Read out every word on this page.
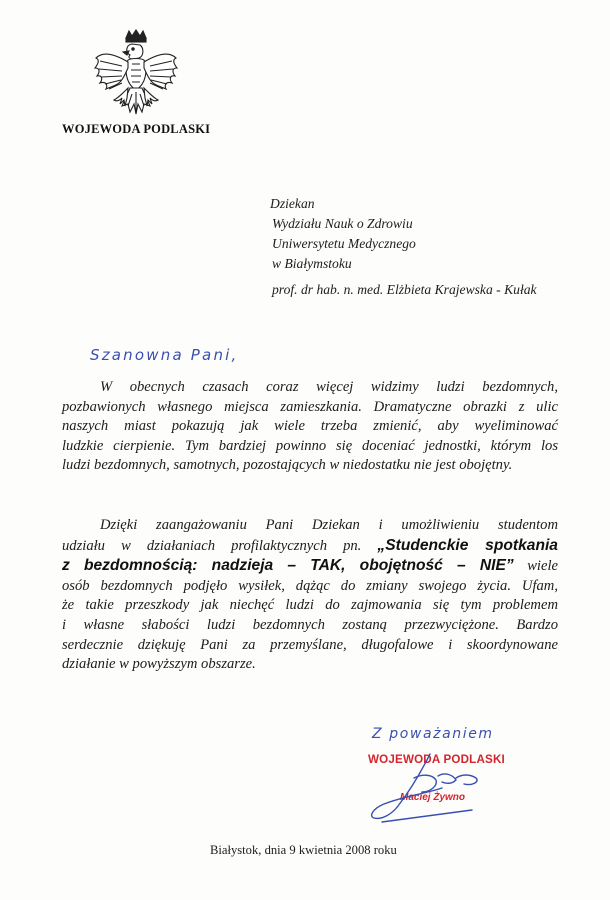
WOJEWODA PODLASKI
Dziekan
Wydziału Nauk o Zdrowiu
Uniwersytetu Medycznego
w Białymstoku
prof. dr hab. n. med. Elżbieta Krajewska - Kułak
Szanowna Pani,
W obecnych czasach coraz więcej widzimy ludzi bezdomnych,
pozbawionych własnego miejsca zamieszkania. Dramatyczne obrazki z ulic
naszych miast pokazują jak wiele trzeba zmienić, aby wyeliminować
ludzkie cierpienie. Tym bardziej powinno się doceniać jednostki, którym los
ludzi bezdomnych, samotnych, pozostających w niedostatku nie jest obojętny.
Dzięki zaangażowaniu Pani Dziekan i umożliwieniu studentom
udziału w działaniach profilaktycznych pn. „Studenckie spotkania
z bezdomnością: nadzieja – TAK, obojętność – NIE” wiele
osób bezdomnych podjęło wysiłek, dążąc do zmiany swojego życia. Ufam,
że takie przeszkody jak niechęć ludzi do zajmowania się tym problemem
i własne słabości ludzi bezdomnych zostaną przezwyciężone. Bardzo
serdecznie dziękuję Pani za przemyślane, długofalowe i skoordynowane
działanie w powyższym obszarze.
Z poważaniem
WOJEWODA PODLASKI
Maciej Żywno
Białystok, dnia 9 kwietnia 2008 roku
